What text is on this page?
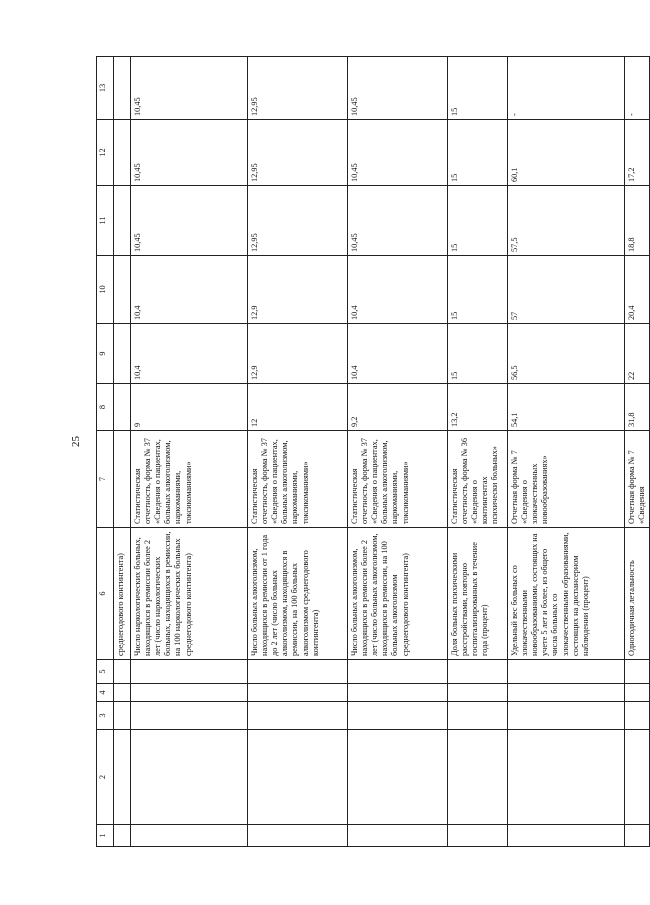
25
1	2	3	4	5	6	7	8	9	10	11	12	13
					среднегодового контингента)							
					Число наркологических больных, находящихся в ремиссии более 2 лет (число наркологических больных, находящихся в ремиссии, на 100 наркологических больных среднегодового контингента)	Статистическая отчетность, форма № 37 «Сведения о пациентах, больных алкоголизмом, наркоманиями, токсикоманиями»	9	10,4	10,4	10,45	10,45	10,45
					Число больных алкоголизмом, находящихся в ремиссии от 1 года до 2 лет (число больных алкоголизмом, находящихся в ремиссии, на 100 больных алкоголизмом среднегодового контингента)	Статистическая отчетность, форма № 37 «Сведения о пациентах, больных алкоголизмом, наркоманиями, токсикоманиями»	12	12,9	12,9	12,95	12,95	12,95
					Число больных алкоголизмом, находящихся в ремиссии более 2 лет (число больных алкоголизмом, находящихся в ремиссии, на 100 больных алкоголизмом среднегодового контингента)	Статистическая отчетность, форма № 37 «Сведения о пациентах, больных алкоголизмом, наркоманиями, токсикоманиями»	9,2	10,4	10,4	10,45	10,45	10,45
					Доля больных психическими расстройствами, повторно госпитализированных в течение года (процент)	Статистическая отчетность, форма № 36 «Сведения о контингентах психически больных»	13,2	15	15	15	15	15
					Удельный вес больных со злокачественными новообразованиями, состоящих на учете 5 лет и более, из общего числа больных со злокачественными образованиями, состоящих на диспансерном наблюдении (процент)	Отчетная форма № 7 «Сведения о злокачественных новообразованиях»	54,1	56,5	57	57,5	60,1	-
					Одногодичная летальность	Отчетная форма № 7 «Сведения	31,8	22	20,4	18,8	17,2	-
